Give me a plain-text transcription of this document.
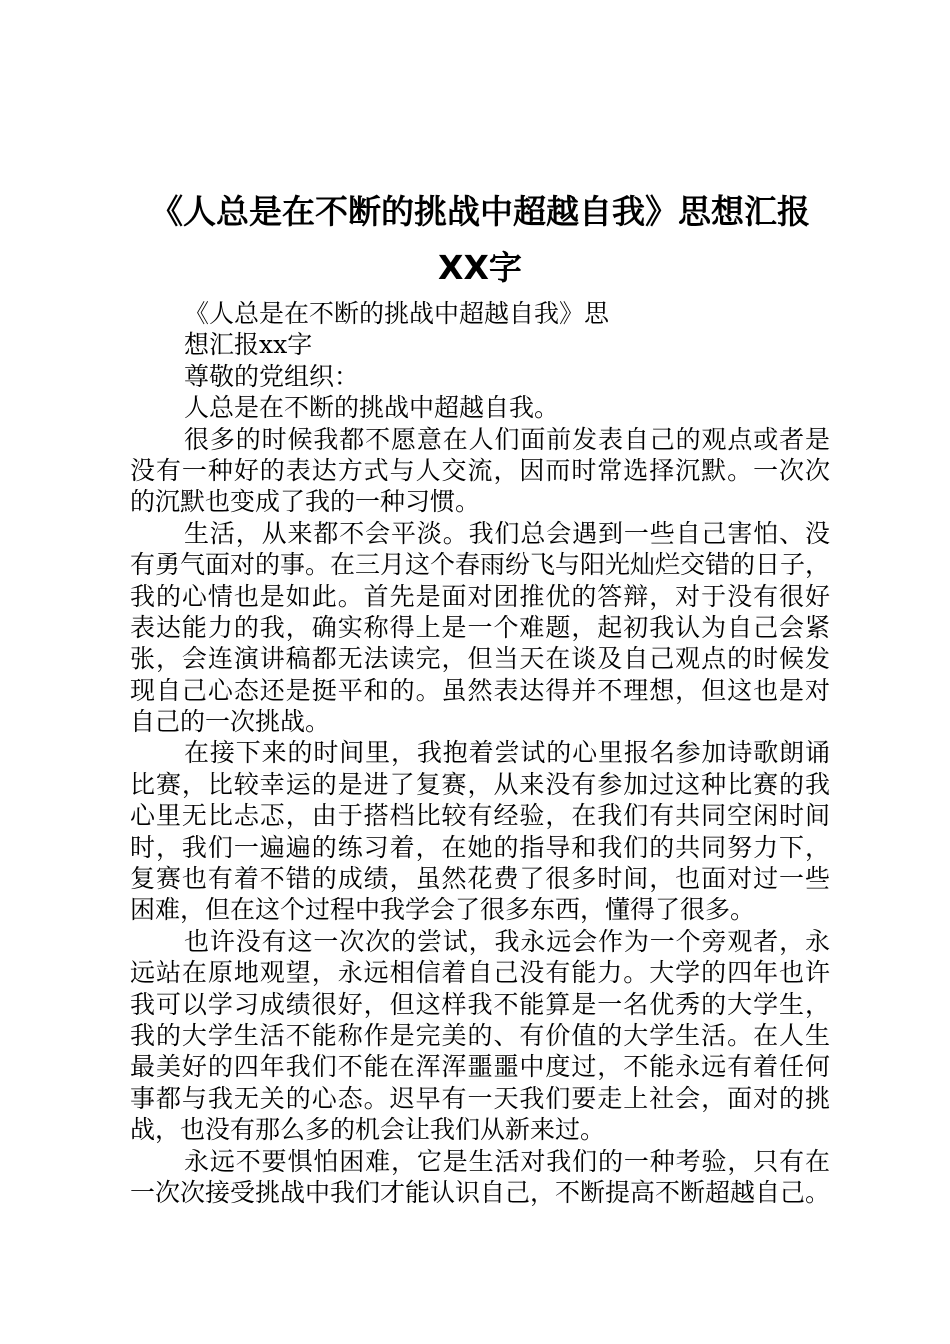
《人总是在不断的挑战中超越自我》思想汇报
XX字
《人总是在不断的挑战中超越自我》思
想汇报xx字
尊敬的党组织：
人总是在不断的挑战中超越自我。
很多的时候我都不愿意在人们面前发表自己的观点或者是
没有一种好的表达方式与人交流，因而时常选择沉默。一次次
的沉默也变成了我的一种习惯。
生活，从来都不会平淡。我们总会遇到一些自己害怕、没
有勇气面对的事。在三月这个春雨纷飞与阳光灿烂交错的日子，
我的心情也是如此。首先是面对团推优的答辩，对于没有很好
表达能力的我，确实称得上是一个难题，起初我认为自己会紧
张，会连演讲稿都无法读完，但当天在谈及自己观点的时候发
现自己心态还是挺平和的。虽然表达得并不理想，但这也是对
自己的一次挑战。
在接下来的时间里，我抱着尝试的心里报名参加诗歌朗诵
比赛，比较幸运的是进了复赛，从来没有参加过这种比赛的我
心里无比忐忑，由于搭档比较有经验，在我们有共同空闲时间
时，我们一遍遍的练习着，在她的指导和我们的共同努力下，
复赛也有着不错的成绩，虽然花费了很多时间，也面对过一些
困难，但在这个过程中我学会了很多东西，懂得了很多。
也许没有这一次次的尝试，我永远会作为一个旁观者，永
远站在原地观望，永远相信着自己没有能力。大学的四年也许
我可以学习成绩很好，但这样我不能算是一名优秀的大学生，
我的大学生活不能称作是完美的、有价值的大学生活。在人生
最美好的四年我们不能在浑浑噩噩中度过，不能永远有着任何
事都与我无关的心态。迟早有一天我们要走上社会，面对的挑
战，也没有那么多的机会让我们从新来过。
永远不要惧怕困难，它是生活对我们的一种考验，只有在
一次次接受挑战中我们才能认识自己，不断提高不断超越自己。
